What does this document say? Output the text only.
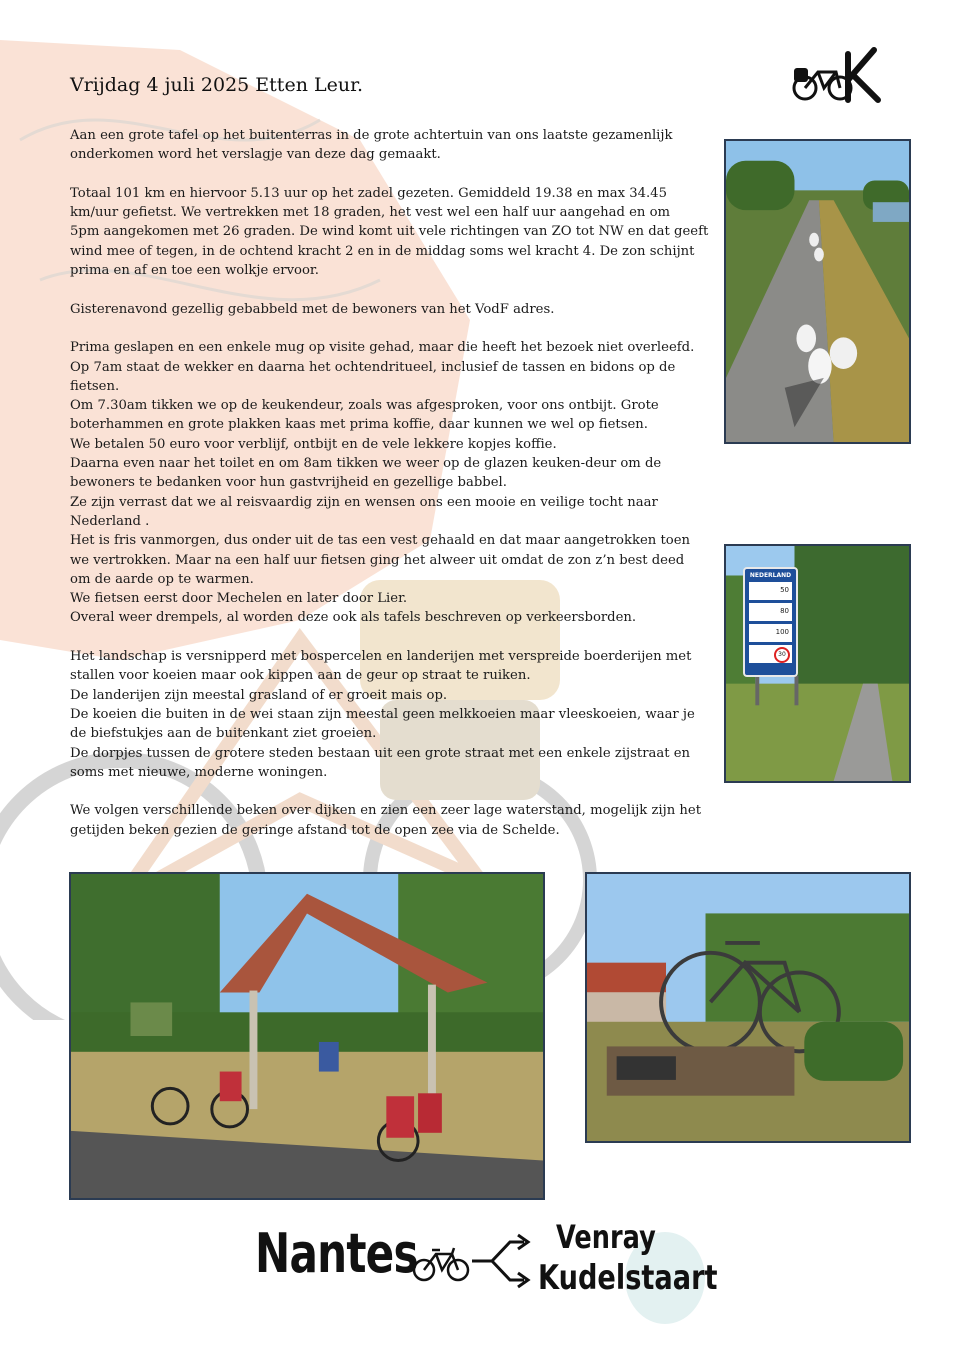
Vrijdag 4 juli 2025 Etten Leur.

Aan een grote tafel op het buitenterras in de grote achtertuin van ons laatste gezamenlijk
onderkomen word het verslagje van deze dag gemaakt.

Totaal 101 km en hiervoor 5.13 uur op het zadel gezeten. Gemiddeld 19.38 en max 34.45
km/uur gefietst. We vertrekken met 18 graden, het vest wel een half uur aangehad en om
5pm aangekomen met 26 graden. De wind komt uit vele richtingen van ZO tot NW en dat geeft
wind mee of tegen, in de ochtend kracht 2 en in de middag soms wel kracht 4. De zon schijnt
prima en af en toe een wolkje ervoor.

Gisterenavond gezellig gebabbeld met de bewoners van het VodF adres.

Prima geslapen en een enkele mug op visite gehad, maar die heeft het bezoek niet overleefd.
Op 7am staat de wekker en daarna het ochtendritueel, inclusief de tassen en bidons op de
fietsen.
Om 7.30am tikken we op de keukendeur, zoals was afgesproken, voor ons ontbijt. Grote
boterhammen en grote plakken kaas met prima koffie, daar kunnen we wel op fietsen.
We betalen 50 euro voor verblijf, ontbijt en de vele lekkere kopjes koffie.
Daarna even naar het toilet en om 8am tikken we weer op de glazen keuken-deur om de
bewoners te bedanken voor hun gastvrijheid en gezellige babbel.
Ze zijn verrast dat we al reisvaardig zijn en wensen ons een mooie en veilige tocht naar
Nederland .
Het is fris vanmorgen, dus onder uit de tas een vest gehaald en dat maar aangetrokken toen
we vertrokken. Maar na een half uur fietsen ging het alweer uit omdat de zon z’n best deed
om de aarde op te warmen.
We fietsen eerst door Mechelen en later door Lier.
Overal weer drempels, al worden deze ook als tafels beschreven op verkeersborden.

Het landschap is versnipperd met bospercelen en landerijen met verspreide boerderijen met
stallen voor koeien maar ook kippen aan de geur op straat te ruiken.
De landerijen zijn meestal grasland of er groeit mais op.
De koeien die buiten in de wei staan zijn meestal geen melkkoeien maar vleeskoeien, waar je
de biefstukjes aan de buitenkant ziet groeien.
De dorpjes tussen de grotere steden bestaan uit een grote straat met een enkele zijstraat en
soms met nieuwe, moderne woningen.

We volgen verschillende beken over dijken en zien een zeer lage waterstand, mogelijk zijn het
getijden beken gezien de geringe afstand tot de open zee via de Schelde.

NEDERLAND
50
80
100
30
Nantes	Venray
Kudelstaart
